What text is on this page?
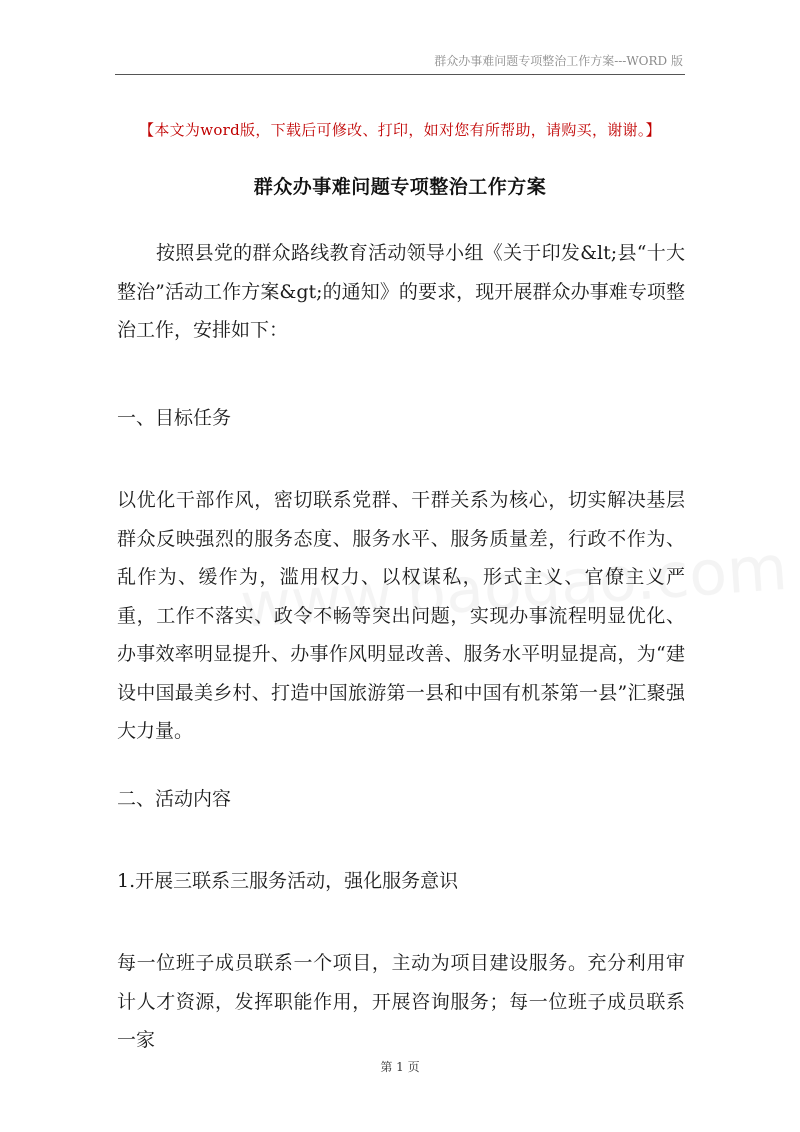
群众办事难问题专项整治工作方案---WORD 版
【本文为word版，下载后可修改、打印，如对您有所帮助，请购买，谢谢。】
群众办事难问题专项整治工作方案

按照县党的群众路线教育活动领导小组《关于印发&lt;县“十大整治”活动工作方案&gt;的通知》的要求，现开展群众办事难专项整治工作，安排如下：

一、目标任务

以优化干部作风，密切联系党群、干群关系为核心，切实解决基层群众反映强烈的服务态度、服务水平、服务质量差，行政不作为、乱作为、缓作为，滥用权力、以权谋私，形式主义、官僚主义严重，工作不落实、政令不畅等突出问题，实现办事流程明显优化、办事效率明显提升、办事作风明显改善、服务水平明显提高，为“建设中国最美乡村、打造中国旅游第一县和中国有机茶第一县”汇聚强大力量。

二、活动内容
1.开展三联系三服务活动，强化服务意识

每一位班子成员联系一个项目，主动为项目建设服务。充分利用审计人才资源，发挥职能作用，开展咨询服务；每一位班子成员联系一家

第 1 页
